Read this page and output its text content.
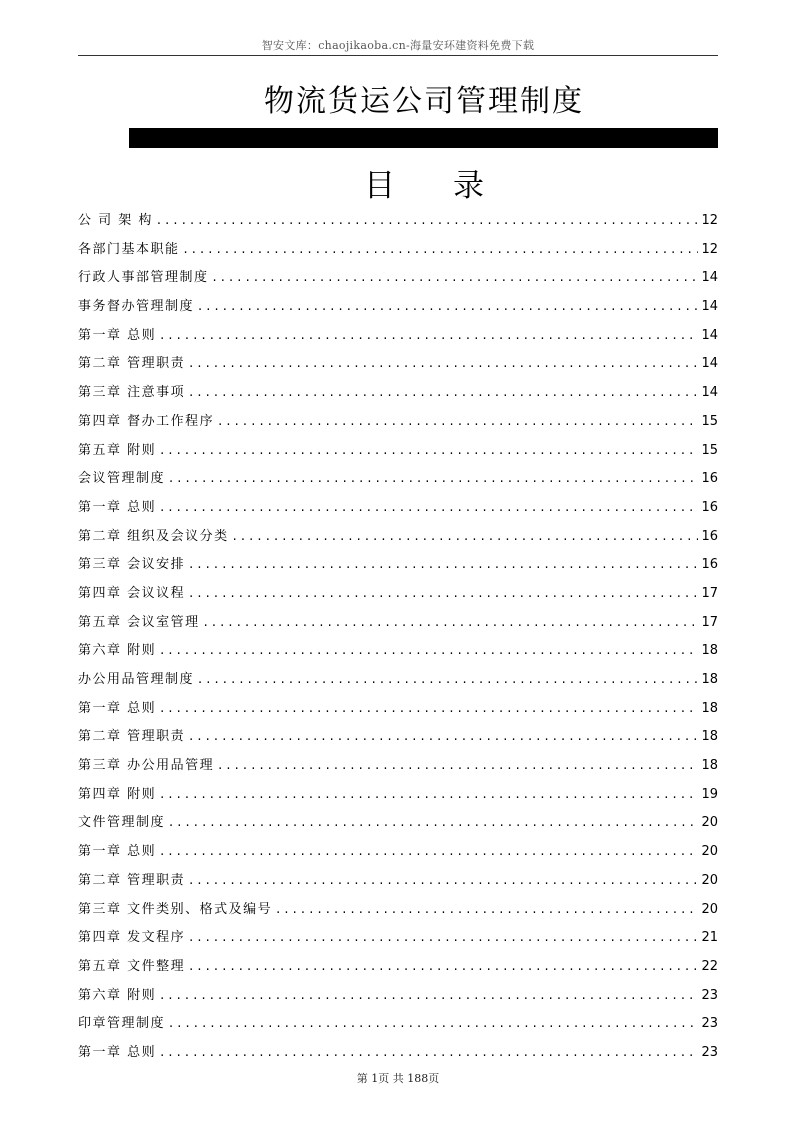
智安文库：chaojikaoba.cn-海量安环建资料免费下载
物流货运公司管理制度
目 录
公 司 架 构 . . .	12
各部门基本职能 . . .	12
行政人事部管理制度 . . .	14
事务督办管理制度 . . .	14
第一章 总则 . . .	14
第二章 管理职责 . . .	14
第三章 注意事项 . . .	14
第四章 督办工作程序 . . .	15
第五章 附则 . . .	15
会议管理制度 . . .	16
第一章 总则 . . .	16
第二章 组织及会议分类 . . .	16
第三章 会议安排 . . .	16
第四章 会议议程 . . .	17
第五章 会议室管理 . . .	17
第六章 附则 . . .	18
办公用品管理制度 . . .	18
第一章 总则 . . .	18
第二章 管理职责 . . .	18
第三章 办公用品管理 . . .	18
第四章 附则 . . .	19
文件管理制度 . . .	20
第一章 总则 . . .	20
第二章 管理职责 . . .	20
第三章 文件类别、格式及编号 . . .	20
第四章 发文程序 . . .	21
第五章 文件整理 . . .	22
第六章 附则 . . .	23
印章管理制度 . . .	23
第一章 总则 . . .	23
第 1页 共 188页
